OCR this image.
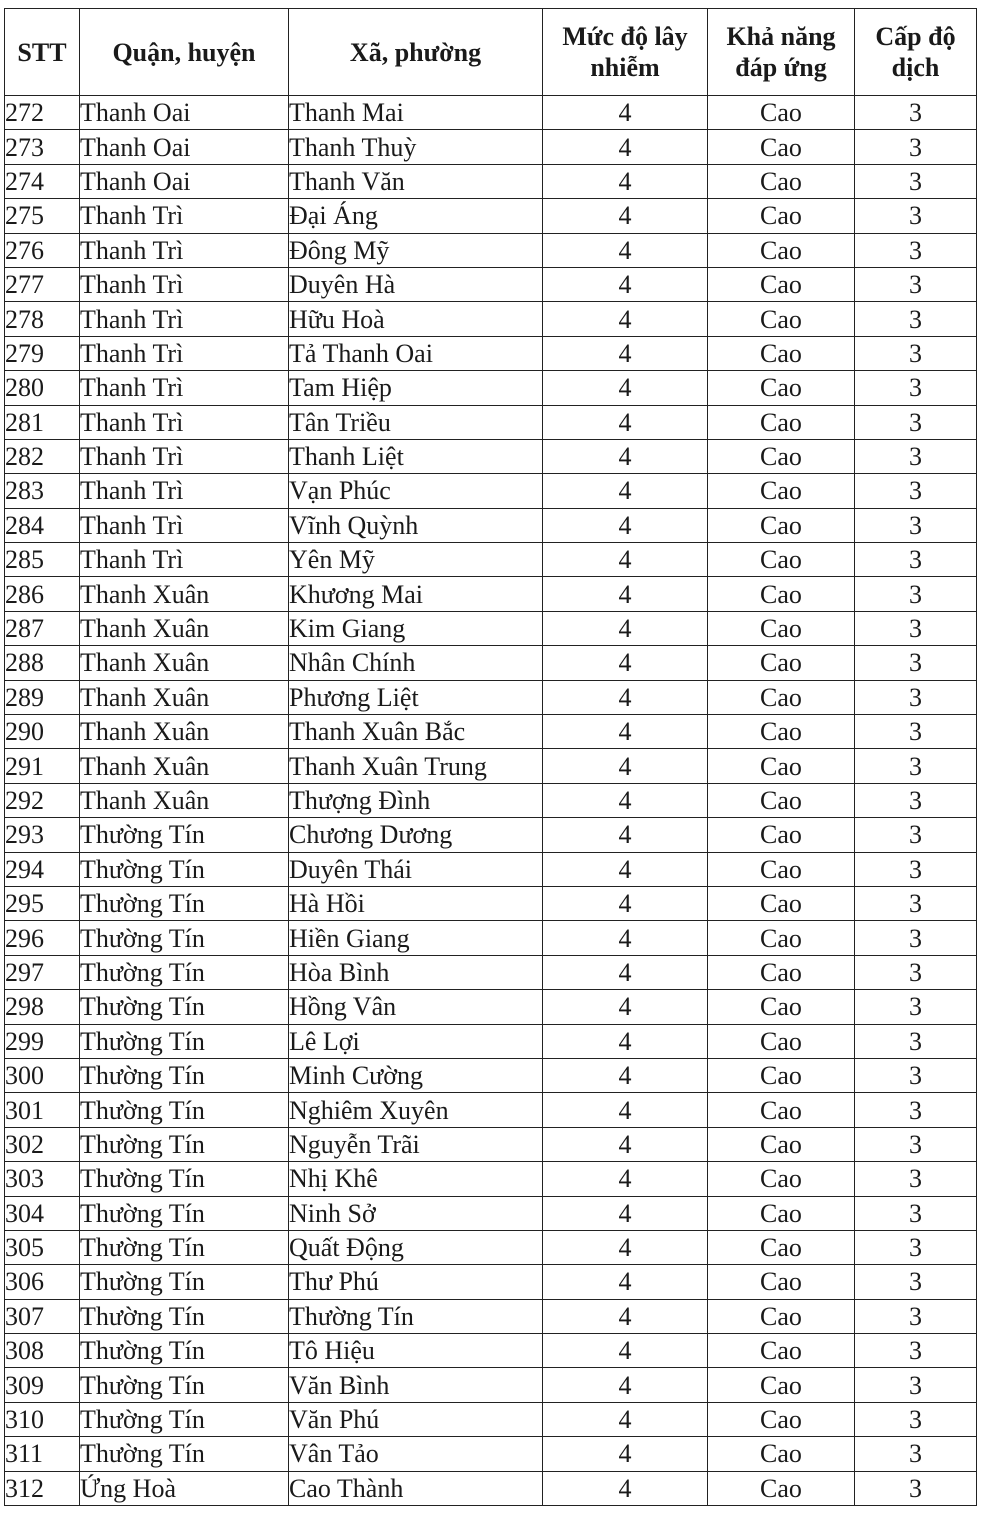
STT	Quận, huyện	Xã, phường	Mức độ lây nhiễm	Khả năng đáp ứng	Cấp độ dịch
272	Thanh Oai	Thanh Mai	4	Cao	3
273	Thanh Oai	Thanh Thuỳ	4	Cao	3
274	Thanh Oai	Thanh Văn	4	Cao	3
275	Thanh Trì	Đại Áng	4	Cao	3
276	Thanh Trì	Đông Mỹ	4	Cao	3
277	Thanh Trì	Duyên Hà	4	Cao	3
278	Thanh Trì	Hữu Hoà	4	Cao	3
279	Thanh Trì	Tả Thanh Oai	4	Cao	3
280	Thanh Trì	Tam Hiệp	4	Cao	3
281	Thanh Trì	Tân Triều	4	Cao	3
282	Thanh Trì	Thanh Liệt	4	Cao	3
283	Thanh Trì	Vạn Phúc	4	Cao	3
284	Thanh Trì	Vĩnh Quỳnh	4	Cao	3
285	Thanh Trì	Yên Mỹ	4	Cao	3
286	Thanh Xuân	Khương Mai	4	Cao	3
287	Thanh Xuân	Kim Giang	4	Cao	3
288	Thanh Xuân	Nhân Chính	4	Cao	3
289	Thanh Xuân	Phương Liệt	4	Cao	3
290	Thanh Xuân	Thanh Xuân Bắc	4	Cao	3
291	Thanh Xuân	Thanh Xuân Trung	4	Cao	3
292	Thanh Xuân	Thượng Đình	4	Cao	3
293	Thường Tín	Chương Dương	4	Cao	3
294	Thường Tín	Duyên Thái	4	Cao	3
295	Thường Tín	Hà Hồi	4	Cao	3
296	Thường Tín	Hiền Giang	4	Cao	3
297	Thường Tín	Hòa Bình	4	Cao	3
298	Thường Tín	Hồng Vân	4	Cao	3
299	Thường Tín	Lê Lợi	4	Cao	3
300	Thường Tín	Minh Cường	4	Cao	3
301	Thường Tín	Nghiêm Xuyên	4	Cao	3
302	Thường Tín	Nguyễn Trãi	4	Cao	3
303	Thường Tín	Nhị Khê	4	Cao	3
304	Thường Tín	Ninh Sở	4	Cao	3
305	Thường Tín	Quất Động	4	Cao	3
306	Thường Tín	Thư Phú	4	Cao	3
307	Thường Tín	Thường Tín	4	Cao	3
308	Thường Tín	Tô Hiệu	4	Cao	3
309	Thường Tín	Văn Bình	4	Cao	3
310	Thường Tín	Văn Phú	4	Cao	3
311	Thường Tín	Vân Tảo	4	Cao	3
312	Ứng Hoà	Cao Thành	4	Cao	3
